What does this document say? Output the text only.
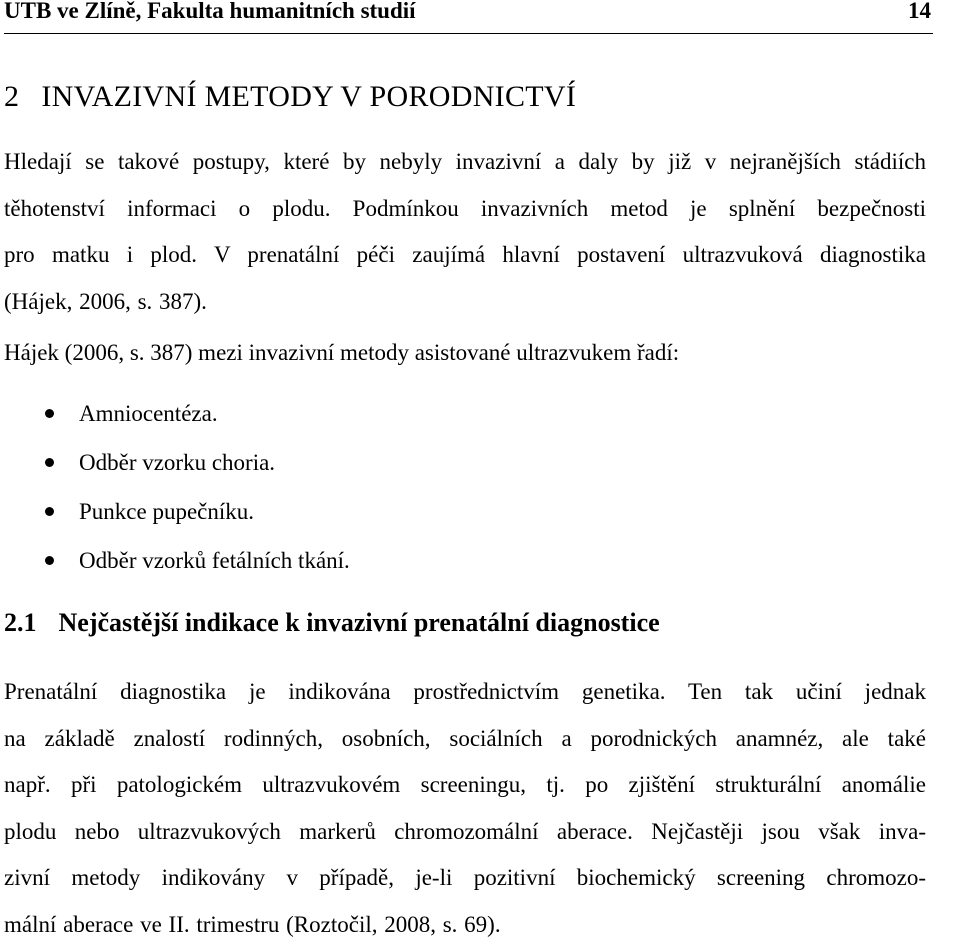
UTB ve Zlíně, Fakulta humanitních studií	14
2 INVAZIVNÍ METODY V PORODNICTVÍ
Hledají se takové postupy, které by nebyly invazivní a daly by již v nejranějších stádiích
těhotenství informaci o plodu. Podmínkou invazivních metod je splnění bezpečnosti
pro matku i plod. V prenatální péči zaujímá hlavní postavení ultrazvuková diagnostika
(Hájek, 2006, s. 387).
Hájek (2006, s. 387) mezi invazivní metody asistované ultrazvukem řadí:
Amniocentéza.
Odběr vzorku choria.
Punkce pupečníku.
Odběr vzorků fetálních tkání.
2.1 Nejčastější indikace k invazivní prenatální diagnostice
Prenatální diagnostika je indikována prostřednictvím genetika. Ten tak učiní jednak
na základě znalostí rodinných, osobních, sociálních a porodnických anamnéz, ale také
např. při patologickém ultrazvukovém screeningu, tj. po zjištění strukturální anomálie
plodu nebo ultrazvukových markerů chromozomální aberace. Nejčastěji jsou však inva-
zivní metody indikovány v případě, je-li pozitivní biochemický screening chromozo-
mální aberace ve II. trimestru (Roztočil, 2008, s. 69).
